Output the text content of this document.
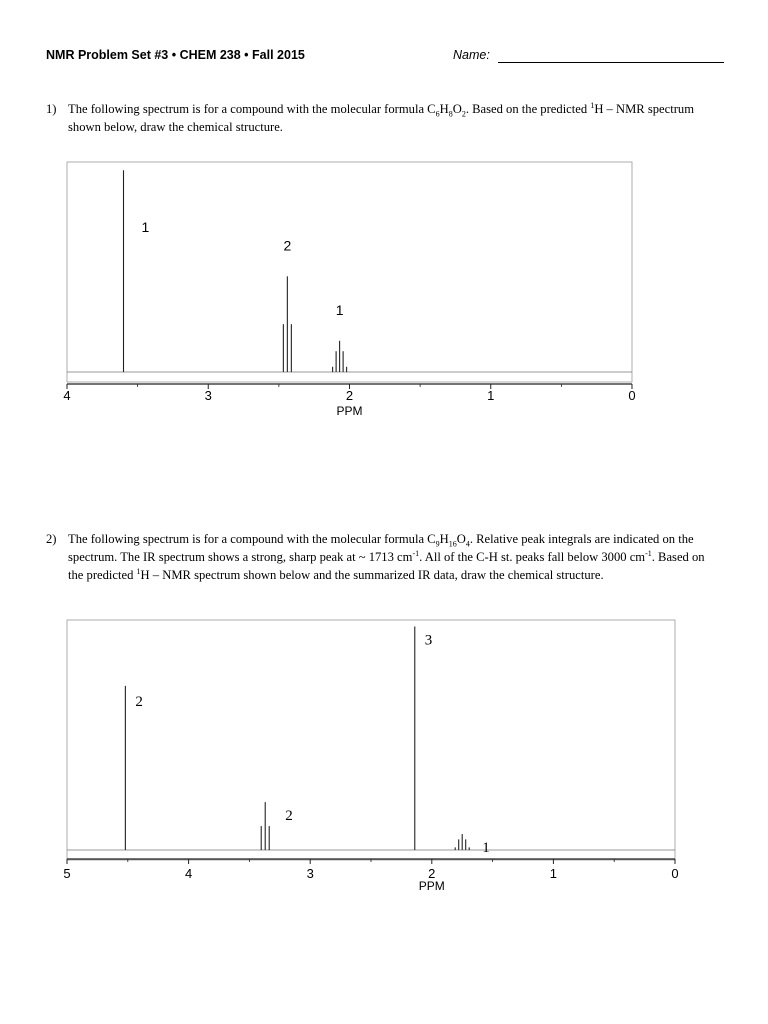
NMR Problem Set #3 • CHEM 238 • Fall 2015	Name:
1) The following spectrum is for a compound with the molecular formula $C_6H_8O_2$. Based on the predicted $^1$H – NMR spectrum shown below, draw the chemical structure.
4	3	2	1	0
PPM
1
2
1
2) The following spectrum is for a compound with the molecular formula $C_9H_{16}O_4$. Relative peak integrals are indicated on the spectrum. The IR spectrum shows a strong, sharp peak at ~ 1713 $cm^{-1}$. All of the C-H st. peaks fall below 3000 $cm^{-1}$. Based on the predicted $^1$H – NMR spectrum shown below and the summarized IR data, draw the chemical structure.
5	4	3	2	1	0
PPM
2
2
3
1
